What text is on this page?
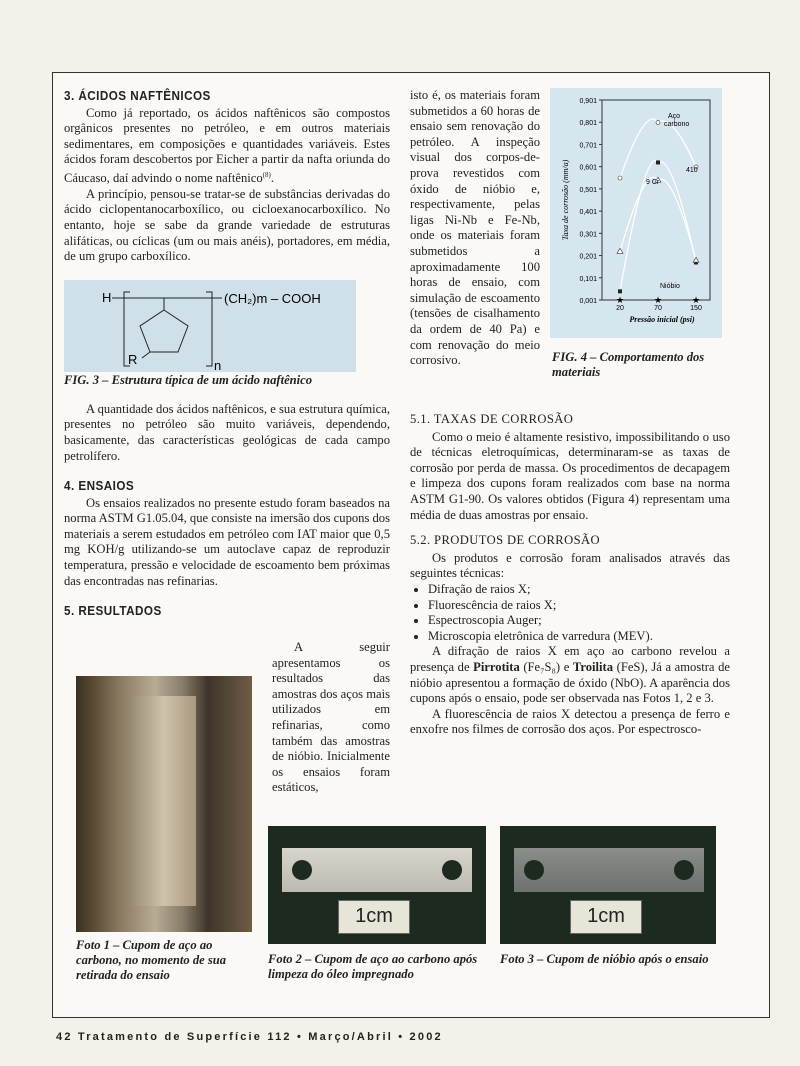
3. ÁCIDOS NAFTÊNICOS

Como já reportado, os ácidos naftênicos são compostos orgânicos presentes no petróleo, e em outros materiais sedimentares, em composições e quantidades variáveis. Estes ácidos foram descobertos por Eicher a partir da nafta oriunda do Cáucaso, daí advindo o nome naftênico$^{(8)}$.

A princípio, pensou-se tratar-se de substâncias derivadas do ácido ciclopentanocarboxílico, ou cicloexanocarboxílico. No entanto, hoje se sabe da grande variedade de estruturas alifáticas, ou cíclicas (um ou mais anéis), portadores, em média, de um grupo carboxílico.

FIG. 3 – Estrutura típica de um ácido naftênico

A quantidade dos ácidos naftênicos, e sua estrutura química, presentes no petróleo são muito variáveis, dependendo, basicamente, das características geológicas de cada campo petrolífero.

4. ENSAIOS

Os ensaios realizados no presente estudo foram baseados na norma ASTM G1.05.04, que consiste na imersão dos cupons dos materiais a serem estudados em petróleo com IAT maior que 0,5 mg KOH/g utilizando-se um autoclave capaz de reproduzir temperatura, pressão e velocidade de escoamento bem próximas das encontradas nas refinarias.

5. RESULTADOS
H	(CH₂)m – COOH
R	n

A seguir apresentamos os resultados das amostras dos aços mais utilizados em refinarias, como também das amostras de nióbio. Inicialmente os ensaios foram estáticos,

isto é, os materiais foram submetidos a 60 horas de ensaio sem renovação do petróleo. A inspeção visual dos corpos-de-prova revestidos com óxido de nióbio e, respectivamente, pelas ligas Ni-Nb e Fe-Nb, onde os materiais foram submetidos a aproximadamente 100 horas de ensaio, com simulação de escoamento (tensões de cisalhamento da ordem de 40 Pa) e com renovação do meio corrosivo.

0,901
0,801
0,701
0,601
0,501
0,401
0,301
0,201
0,101
0,001
20	70	150
Taxa de corrosão (mm/a)
Pressão inicial (psi)
★	★	★
Aço
carbono
410
9 Cr
Nióbio
FIG. 4 – Comportamento dos materiais
5.1. TAXAS DE CORROSÃO

Como o meio é altamente resistivo, impossibilitando o uso de técnicas eletroquímicas, determinaram-se as taxas de corrosão por perda de massa. Os procedimentos de decapagem e limpeza dos cupons foram realizados com base na norma ASTM G1-90. Os valores obtidos (Figura 4) representam uma média de duas amostras por ensaio.

5.2. PRODUTOS DE CORROSÃO

Os produtos e corrosão foram analisados através das seguintes técnicas:

• Difração de raios X;
• Fluorescência de raios X;
• Espectroscopia Auger;
• Microscopia eletrônica de varredura (MEV).

A difração de raios X em aço ao carbono revelou a presença de Pirrotita (Fe₇S₈) e Troilita (FeS), Já a amostra de nióbio apresentou a formação de óxido (NbO). A aparência dos cupons após o ensaio, pode ser observada nas Fotos 1, 2 e 3.

A fluorescência de raios X detectou a presença de ferro e enxofre nos filmes de corrosão dos aços. Por espectrosco-

Foto 1 – Cupom de aço ao carbono, no momento de sua retirada do ensaio
1cm
Foto 2 – Cupom de aço ao carbono após limpeza do óleo impregnado
1cm
Foto 3 – Cupom de nióbio após o ensaio
42 Tratamento de Superfície 112 • Março/Abril • 2002
